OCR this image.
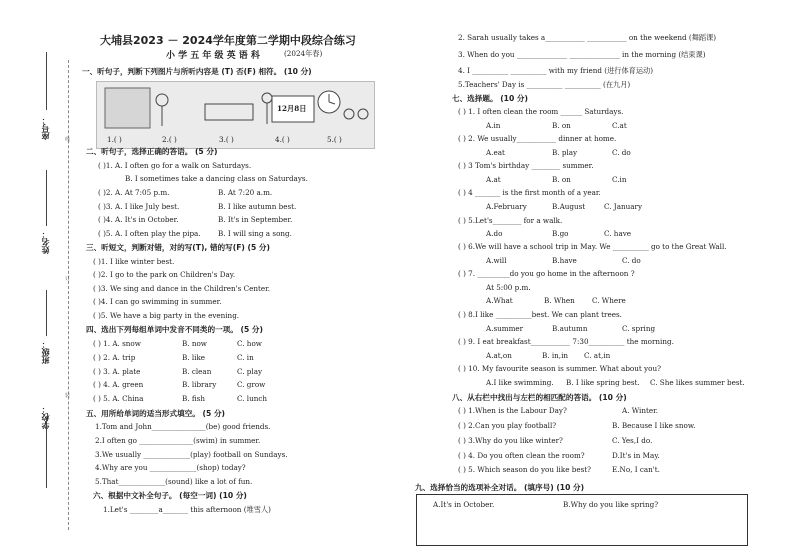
座号：
姓名：
班级：
学校：
线
订
装
大埔县2023 － 2024学年度第二学期中段综合练习
小 学 五 年 级 英 语 科	(2024年春)
一、听句子，判断下列图片与所听内容是 (T) 否(F) 相符。 (10 分)
12月8日
1.( )	2.( )	3.( )	4.( )	5.( )
二、听句子，选择正确的答语。 (5 分)
( )1. A. I often go for a walk on Saturdays.
B. I sometimes take a dancing class on Saturdays.
( )2. A. At 7:05 p.m.	B. At 7:20 a.m.
( )3. A. I like July best.	B. I like autumn best.
( )4. A. It's in October.	B. It's in September.
( )5. A. I often play the pipa. B. I will sing a song.
三、听短文，判断对错，对的写(T), 错的写(F) (5 分)
( )1. I like winter best.
( )2. I go to the park on Children's Day.
( )3. We sing and dance in the Children's Center.
( )4. I can go swimming in summer.
( )5. We have a big party in the evening.
四、选出下列每组单词中发音不同类的一项。 (5 分)
( ) 1. A. snow	B. now	C. how
( ) 2. A. trip	B. like	C. in
( ) 3. A. plate	B. clean	C. play
( ) 4. A. green	B. library	C. grow
( ) 5. A. China	B. fish	C. lunch
五、用所给单词的适当形式填空。 (5 分)
1.Tom and John_______________(be) good friends.
2.I often go _______________(swim) in summer.
3.We usually _____________(play) football on Sundays.
4.Why are you _____________(shop) today?
5.That_____________(sound) like a lot of fun.
六、根据中文补全句子。 (每空一词) (10 分)
1.Let's ________a_______ this afternoon (堆雪人)
2. Sarah usually takes a___________ ___________ on the weekend (舞蹈课)
3. When do you ______________ ______________ in the morning (结束课)
4. I __________ __________ with my friend (进行体育运动)
5.Teachers' Day is __________ __________ (在九月)
七、选择题。 (10 分)
( ) 1. I often clean the room ______ Saturdays.
A.in	B. on	C.at
( ) 2. We usually___________ dinner at home.
A.eat	B. play	C. do
( ) 3 Tom's birthday ________ summer.
A.at	B. on	C.in
( ) 4 _______ is the first month of a year.
A.February	B.August	C. January
( ) 5.Let's________ for a walk.
A.do	B.go	C. have
( ) 6.We will have a school trip in May. We __________ go to the Great Wall.
A.will	B.have	C. do
( ) 7. _________do you go home in the afternoon ?
At 5:00 p.m.
A.What	B. When C. Where
( ) 8.I like __________best. We can plant trees.
A.summer	B.autumn	C. spring
( ) 9. I eat breakfast___________ 7:30__________ the morning.
A.at,on	B. in,in C. at,in
( ) 10. My favourite season is summer. What about you?
A.I like swimming. B. I like spring best. C. She likes summer best.
八、从右栏中找出与左栏的相匹配的答语。 (10 分)
( ) 1.When is the Labour Day?	A. Winter.
( ) 2.Can you play football?	B. Because I like snow.
( ) 3.Why do you like winter?	C. Yes,I do.
( ) 4. Do you often clean the room?	D.It's in May.
( ) 5. Which season do you like best?	E.No, I can't.
九、选择恰当的选项补全对话。 (填序号) (10 分)
A.It's in October.	B.Why do you like spring?
